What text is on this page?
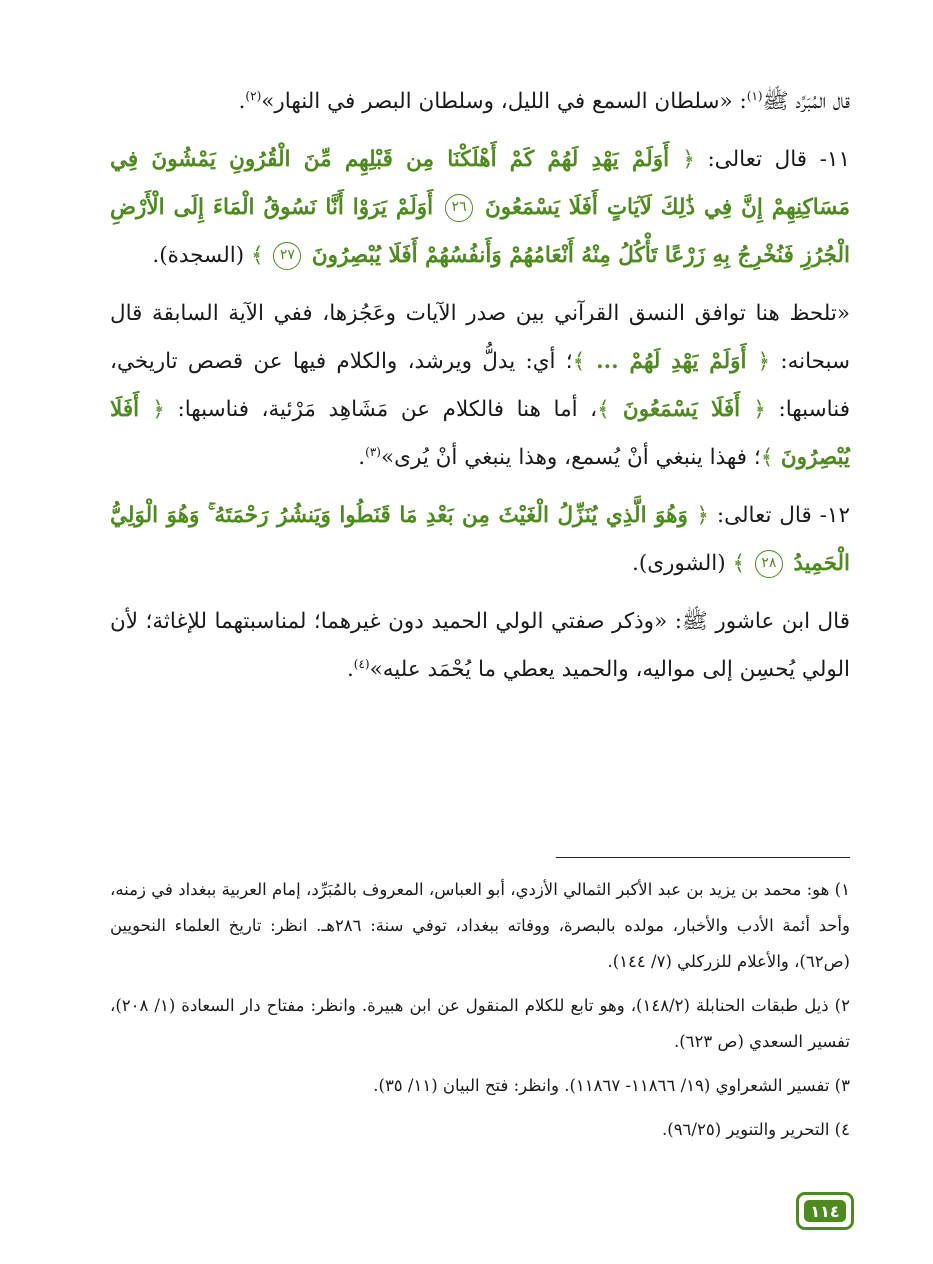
قال المُبَرِّد ﷺ$^{(١)}$: «سلطان السمع في الليل، وسلطان البصر في النهار»$^{(٢)}$.

١١- قال تعالى: ﴿ أَوَلَمْ يَهْدِ لَهُمْ كَمْ أَهْلَكْنَا مِن قَبْلِهِم مِّنَ الْقُرُونِ يَمْشُونَ فِي مَسَاكِنِهِمْ إِنَّ فِي ذَٰلِكَ لَآيَاتٍ أَفَلَا يَسْمَعُونَ ٢٦ أَوَلَمْ يَرَوْا أَنَّا نَسُوقُ الْمَاءَ إِلَى الْأَرْضِ الْجُرُزِ فَنُخْرِجُ بِهِ زَرْعًا تَأْكُلُ مِنْهُ أَنْعَامُهُمْ وَأَنفُسُهُمْ أَفَلَا يُبْصِرُونَ ٢٧ ﴾ (السجدة).

«تلحظ هنا توافق النسق القرآني بين صدر الآيات وعَجُزها، ففي الآية السابقة قال سبحانه: ﴿ أَوَلَمْ يَهْدِ لَهُمْ ... ﴾؛ أي: يدلُّ ويرشد، والكلام فيها عن قصص تاريخي، فناسبها: ﴿ أَفَلَا يَسْمَعُونَ ﴾، أما هنا فالكلام عن مَشَاهِد مَرْئية، فناسبها: ﴿ أَفَلَا يُبْصِرُونَ ﴾؛ فهذا ينبغي أنْ يُسمع، وهذا ينبغي أنْ يُرى»$^{(٣)}$.

١٢- قال تعالى: ﴿ وَهُوَ الَّذِي يُنَزِّلُ الْغَيْثَ مِن بَعْدِ مَا قَنَطُوا وَيَنشُرُ رَحْمَتَهُ ۚ وَهُوَ الْوَلِيُّ الْحَمِيدُ ٢٨ ﴾ (الشورى).

قال ابن عاشور ﷺ: «وذكر صفتي الولي الحميد دون غيرهما؛ لمناسبتهما للإغاثة؛ لأن الولي يُحسِن إلى مواليه، والحميد يعطي ما يُحْمَد عليه»$^{(٤)}$.

١) هو: محمد بن يزيد بن عبد الأكبر الثمالي الأزدي، أبو العباس، المعروف بالمُبَرِّد، إمام العربية ببغداد في زمنه، وأحد أئمة الأدب والأخبار، مولده بالبصرة، ووفاته ببغداد، توفي سنة: ٢٨٦هـ. انظر: تاريخ العلماء النحويين (ص٦٢)، والأعلام للزركلي (٧/ ١٤٤).

٢) ذيل طبقات الحنابلة (١٤٨/٢)، وهو تابع للكلام المنقول عن ابن هبيرة. وانظر: مفتاح دار السعادة (١/ ٢٠٨)، تفسير السعدي (ص ٦٢٣).

٣) تفسير الشعراوي (١٩/ ١١٨٦٦- ١١٨٦٧). وانظر: فتح البيان (١١/ ٣٥).

٤) التحرير والتنوير (٩٦/٢٥).

١١٤
